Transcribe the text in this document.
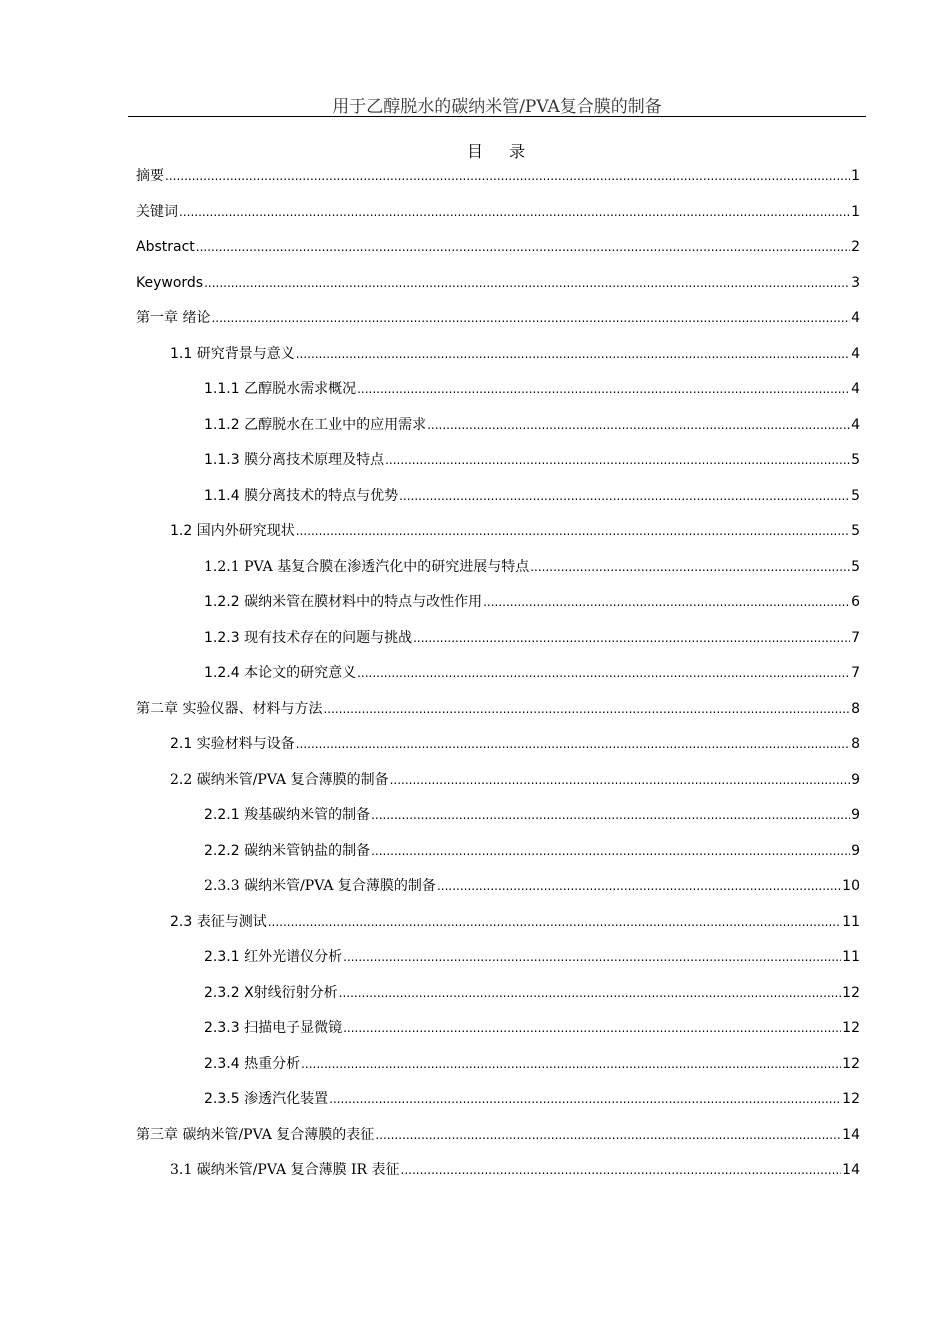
用于乙醇脱水的碳纳米管/PVA复合膜的制备
目 录
摘要 .....	1
关键词 .....	1
Abstract .....	2
Keywords .....	3
第一章 绪论 .....	4
1.1 研究背景与意义 .....	4
1.1.1 乙醇脱水需求概况 .....	4
1.1.2 乙醇脱水在工业中的应用需求 .....	4
1.1.3 膜分离技术原理及特点 .....	5
1.1.4 膜分离技术的特点与优势 .....	5
1.2 国内外研究现状 .....	5
1.2.1 PVA 基复合膜在渗透汽化中的研究进展与特点 .....	5
1.2.2 碳纳米管在膜材料中的特点与改性作用 .....	6
1.2.3 现有技术存在的问题与挑战 .....	7
1.2.4 本论文的研究意义 .....	7
第二章 实验仪器、材料与方法 .....	8
2.1 实验材料与设备 .....	8
2.2 碳纳米管/PVA 复合薄膜的制备 .....	9
2.2.1 羧基碳纳米管的制备 .....	9
2.2.2 碳纳米管钠盐的制备 .....	9
2.3.3 碳纳米管/PVA 复合薄膜的制备 .....	10
2.3 表征与测试 .....	11
2.3.1 红外光谱仪分析 .....	11
2.3.2 X射线衍射分析 .....	12
2.3.3 扫描电子显微镜 .....	12
2.3.4 热重分析 .....	12
2.3.5 渗透汽化装置 .....	12
第三章 碳纳米管/PVA 复合薄膜的表征 .....	14
3.1 碳纳米管/PVA 复合薄膜 IR 表征 .....	14
